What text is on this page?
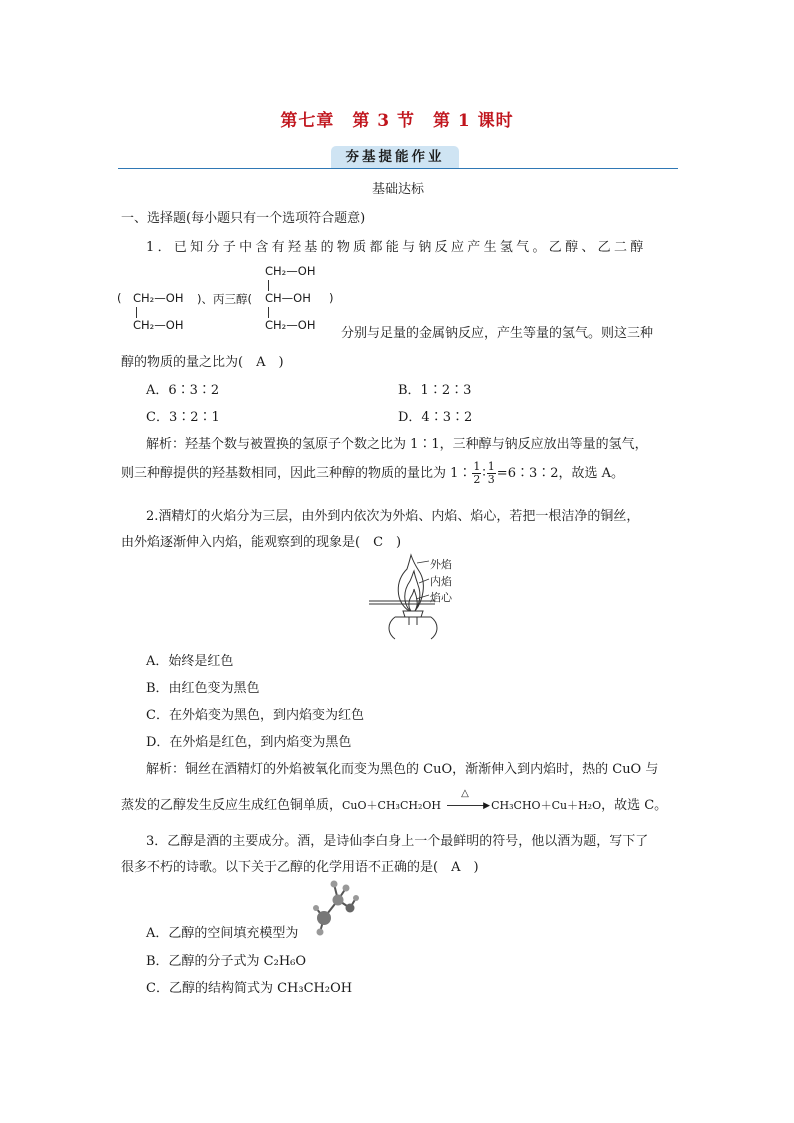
第七章　第 3 节　第 1 课时
夯基提能作业
基础达标
一、选择题(每小题只有一个选项符合题意)
1．已知分子中含有羟基的物质都能与钠反应产生氢气。乙醇、乙二醇
( CH₂—OH
CH₂—OH
)、丙三醇(
CH₂—OH
CH—OH
CH₂—OH
)
分别与足量的金属钠反应，产生等量的氢气。则这三种
醇的物质的量之比为(　A　)
A．6∶3∶2	B．1∶2∶3
C．3∶2∶1	D．4∶3∶2
解析：羟基个数与被置换的氢原子个数之比为 1∶1，三种醇与钠反应放出等量的氢气，
则三种醇提供的羟基数相同，因此三种醇的物质的量比为 1∶ $\frac{1}{2}$ ∶ $\frac{1}{3}$ =6∶3∶2，故选 A。
2.酒精灯的火焰分为三层，由外到内依次为外焰、内焰、焰心，若把一根洁净的铜丝，
由外焰逐渐伸入内焰，能观察到的现象是(　C　)
外焰
内焰
焰心
A．始终是红色
B．由红色变为黑色
C．在外焰变为黑色，到内焰变为红色
D．在外焰是红色，到内焰变为黑色
解析：铜丝在酒精灯的外焰被氧化而变为黑色的 CuO，渐渐伸入到内焰时，热的 CuO 与
蒸发的乙醇发生反应生成红色铜单质，CuO＋CH₃CH₂OH
△
▶ CH₃CHO＋Cu＋H₂O，故选 C。
3．乙醇是酒的主要成分。酒，是诗仙李白身上一个最鲜明的符号，他以酒为题，写下了
很多不朽的诗歌。以下关于乙醇的化学用语不正确的是(　A　)
A．乙醇的空间填充模型为
B．乙醇的分子式为 C₂H₆O
C．乙醇的结构简式为 CH₃CH₂OH
